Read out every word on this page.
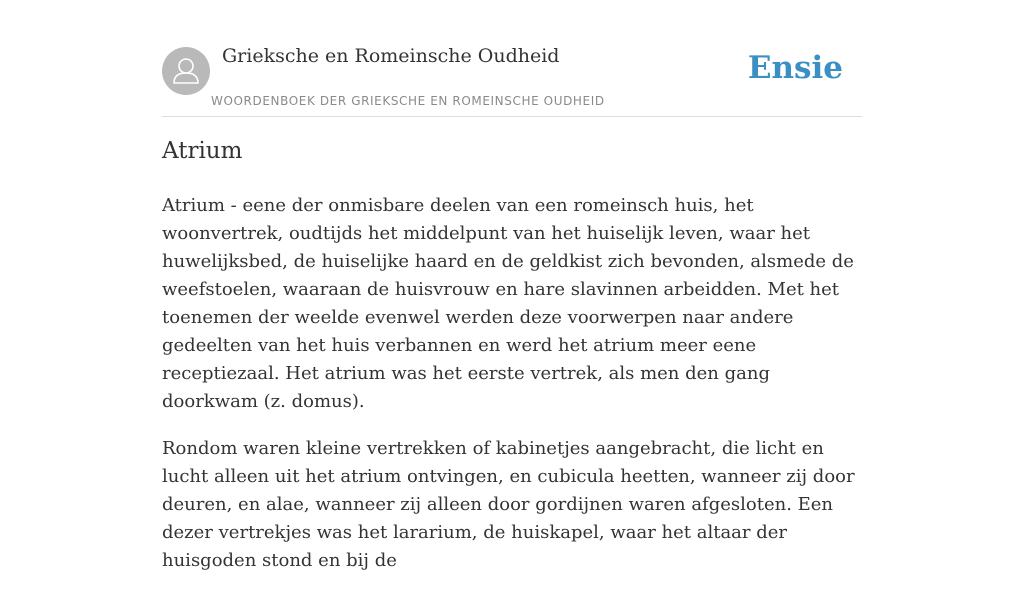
Grieksche en Romeinsche Oudheid
WOORDENBOEK DER GRIEKSCHE EN ROMEINSCHE OUDHEID
Ensie
Atrium

Atrium - eene der onmisbare deelen van een romeinsch huis, het woonvertrek, oudtijds het middelpunt van het huiselijk leven, waar het huwelijksbed, de huiselijke haard en de geldkist zich bevonden, alsmede de weefstoelen, waaraan de huisvrouw en hare slavinnen arbeidden. Met het toenemen der weelde evenwel werden deze voorwerpen naar andere gedeelten van het huis verbannen en werd het atrium meer eene receptiezaal. Het atrium was het eerste vertrek, als men den gang doorkwam (z. domus).

Rondom waren kleine vertrekken of kabinetjes aangebracht, die licht en lucht alleen uit het atrium ontvingen, en cubicula heetten, wanneer zij door deuren, en alae, wanneer zij alleen door gordijnen waren afgesloten. Een dezer vertrekjes was het lararium, de huiskapel, waar het altaar der huisgoden stond en bij de
